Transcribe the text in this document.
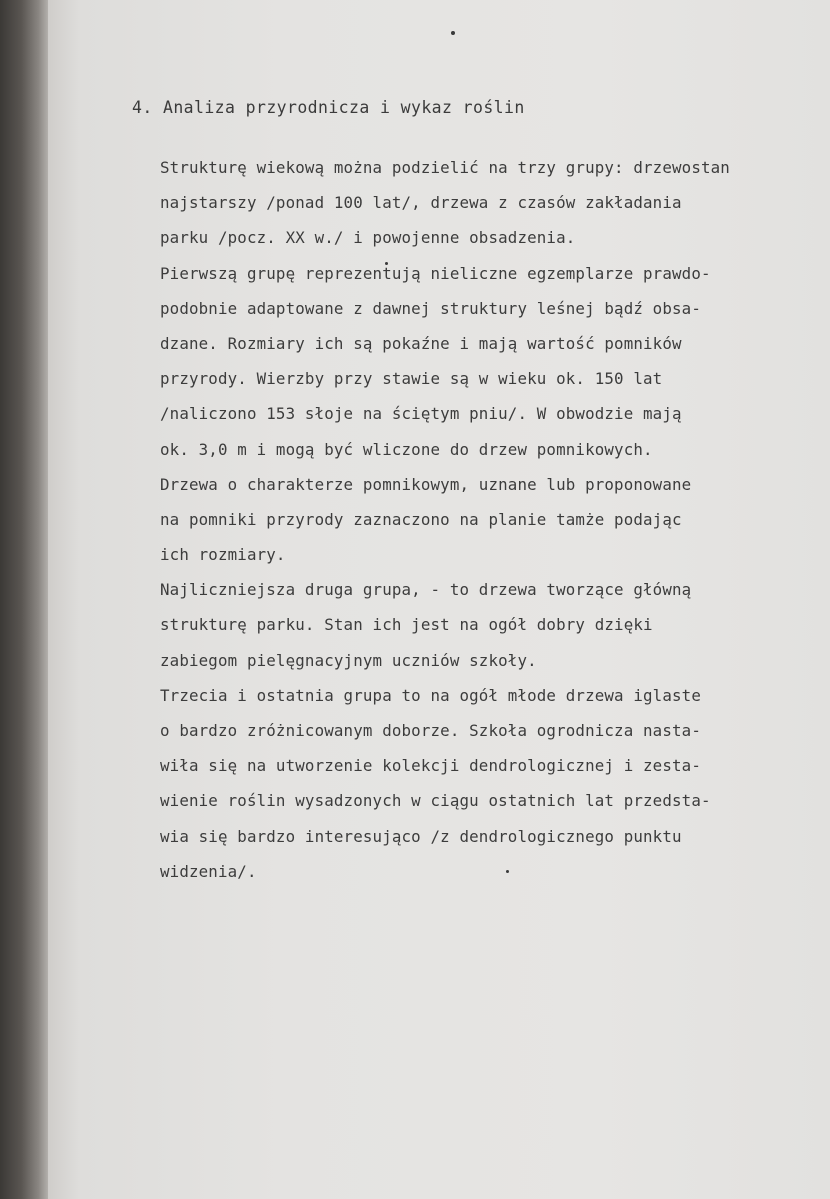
4. Analiza przyrodnicza i wykaz roślin
Strukturę wiekową można podzielić na trzy grupy: drzewostan
najstarszy /ponad 100 lat/, drzewa z czasów zakładania
parku /pocz. XX w./ i powojenne obsadzenia.
Pierwszą grupę reprezentują nieliczne egzemplarze prawdo-
podobnie adaptowane z dawnej struktury leśnej bądź obsa-
dzane. Rozmiary ich są pokaźne i mają wartość pomników
przyrody. Wierzby przy stawie są w wieku ok. 150 lat
/naliczono 153 słoje na ściętym pniu/. W obwodzie mają
ok. 3,0 m i mogą być wliczone do drzew pomnikowych.
Drzewa o charakterze pomnikowym, uznane lub proponowane
na pomniki przyrody zaznaczono na planie tamże podając
ich rozmiary.
Najliczniejsza druga grupa, - to drzewa tworzące główną
strukturę parku. Stan ich jest na ogół dobry dzięki
zabiegom pielęgnacyjnym uczniów szkoły.
Trzecia i ostatnia grupa to na ogół młode drzewa iglaste
o bardzo zróżnicowanym doborze. Szkoła ogrodnicza nasta-
wiła się na utworzenie kolekcji dendrologicznej i zesta-
wienie roślin wysadzonych w ciągu ostatnich lat przedsta-
wia się bardzo interesująco /z dendrologicznego punktu
widzenia/.
